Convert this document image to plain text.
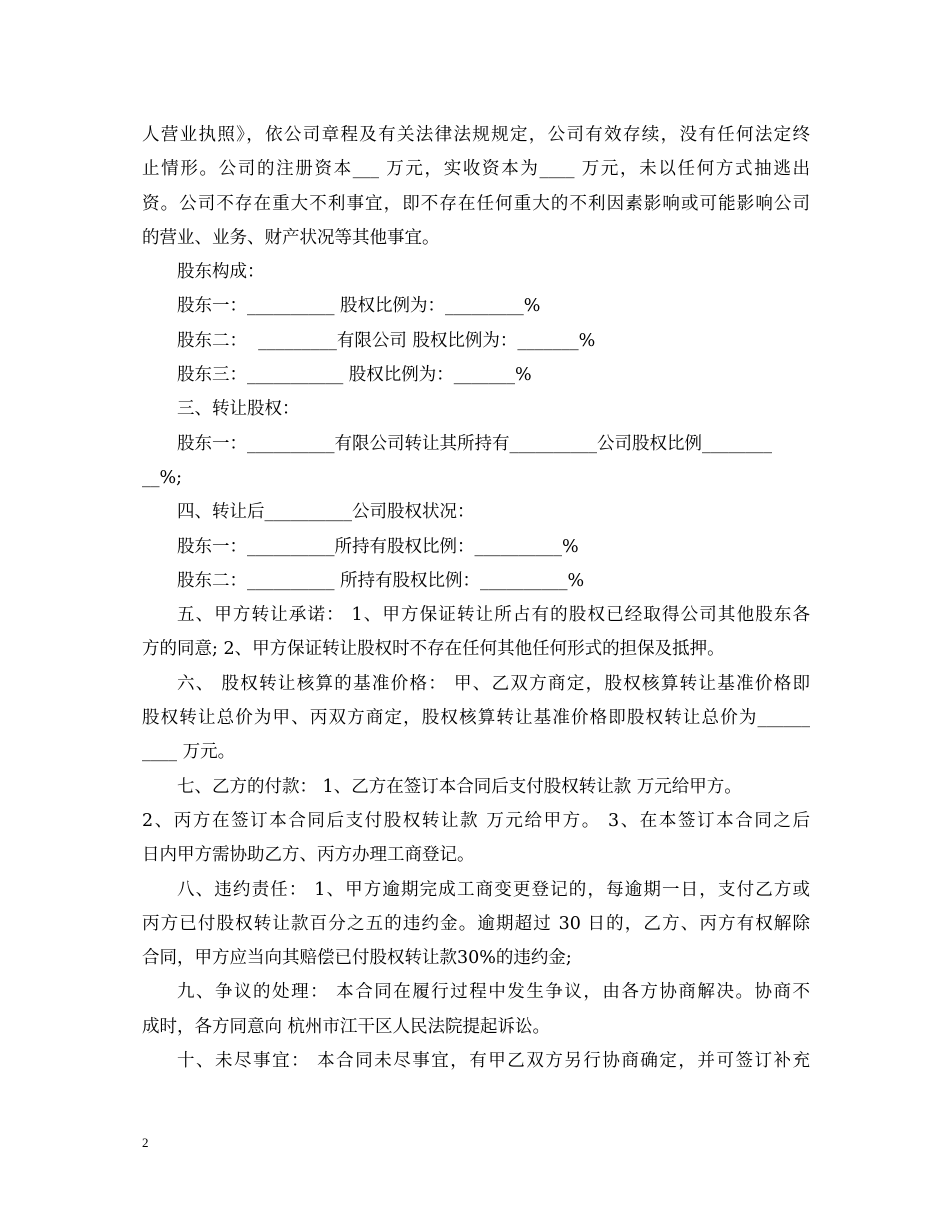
人营业执照》，依公司章程及有关法律法规规定，公司有效存续，没有任何法定终
止情形。公司的注册资本___ 万元，实收资本为____ 万元，未以任何方式抽逃出
资。公司不存在重大不利事宜，即不存在任何重大的不利因素影响或可能影响公司
的营业、业务、财产状况等其他事宜。
股东构成：
股东一：__________ 股权比例为：_________%
股东二：  _________有限公司 股权比例为：_______%
股东三：___________ 股权比例为：_______%
三、转让股权：
股东一：__________有限公司转让其所持有__________公司股权比例________
__%;
四、转让后__________公司股权状况：
股东一：__________所持有股权比例：__________%
股东二：__________ 所持有股权比例：__________%
五、甲方转让承诺： 1、甲方保证转让所占有的股权已经取得公司其他股东各
方的同意; 2、甲方保证转让股权时不存在任何其他任何形式的担保及抵押。
六、 股权转让核算的基准价格： 甲、乙双方商定，股权核算转让基准价格即
股权转让总价为甲、丙双方商定，股权核算转让基准价格即股权转让总价为______
____ 万元。
七、乙方的付款： 1、乙方在签订本合同后支付股权转让款 万元给甲方。
2、丙方在签订本合同后支付股权转让款 万元给甲方。 3、在本签订本合同之后
日内甲方需协助乙方、丙方办理工商登记。
八、违约责任： 1、甲方逾期完成工商变更登记的，每逾期一日，支付乙方或
丙方已付股权转让款百分之五的违约金。逾期超过 30 日的，乙方、丙方有权解除
合同，甲方应当向其赔偿已付股权转让款30%的违约金;
九、争议的处理： 本合同在履行过程中发生争议，由各方协商解决。协商不
成时，各方同意向 杭州市江干区人民法院提起诉讼。
十、未尽事宜： 本合同未尽事宜，有甲乙双方另行协商确定，并可签订补充
2
